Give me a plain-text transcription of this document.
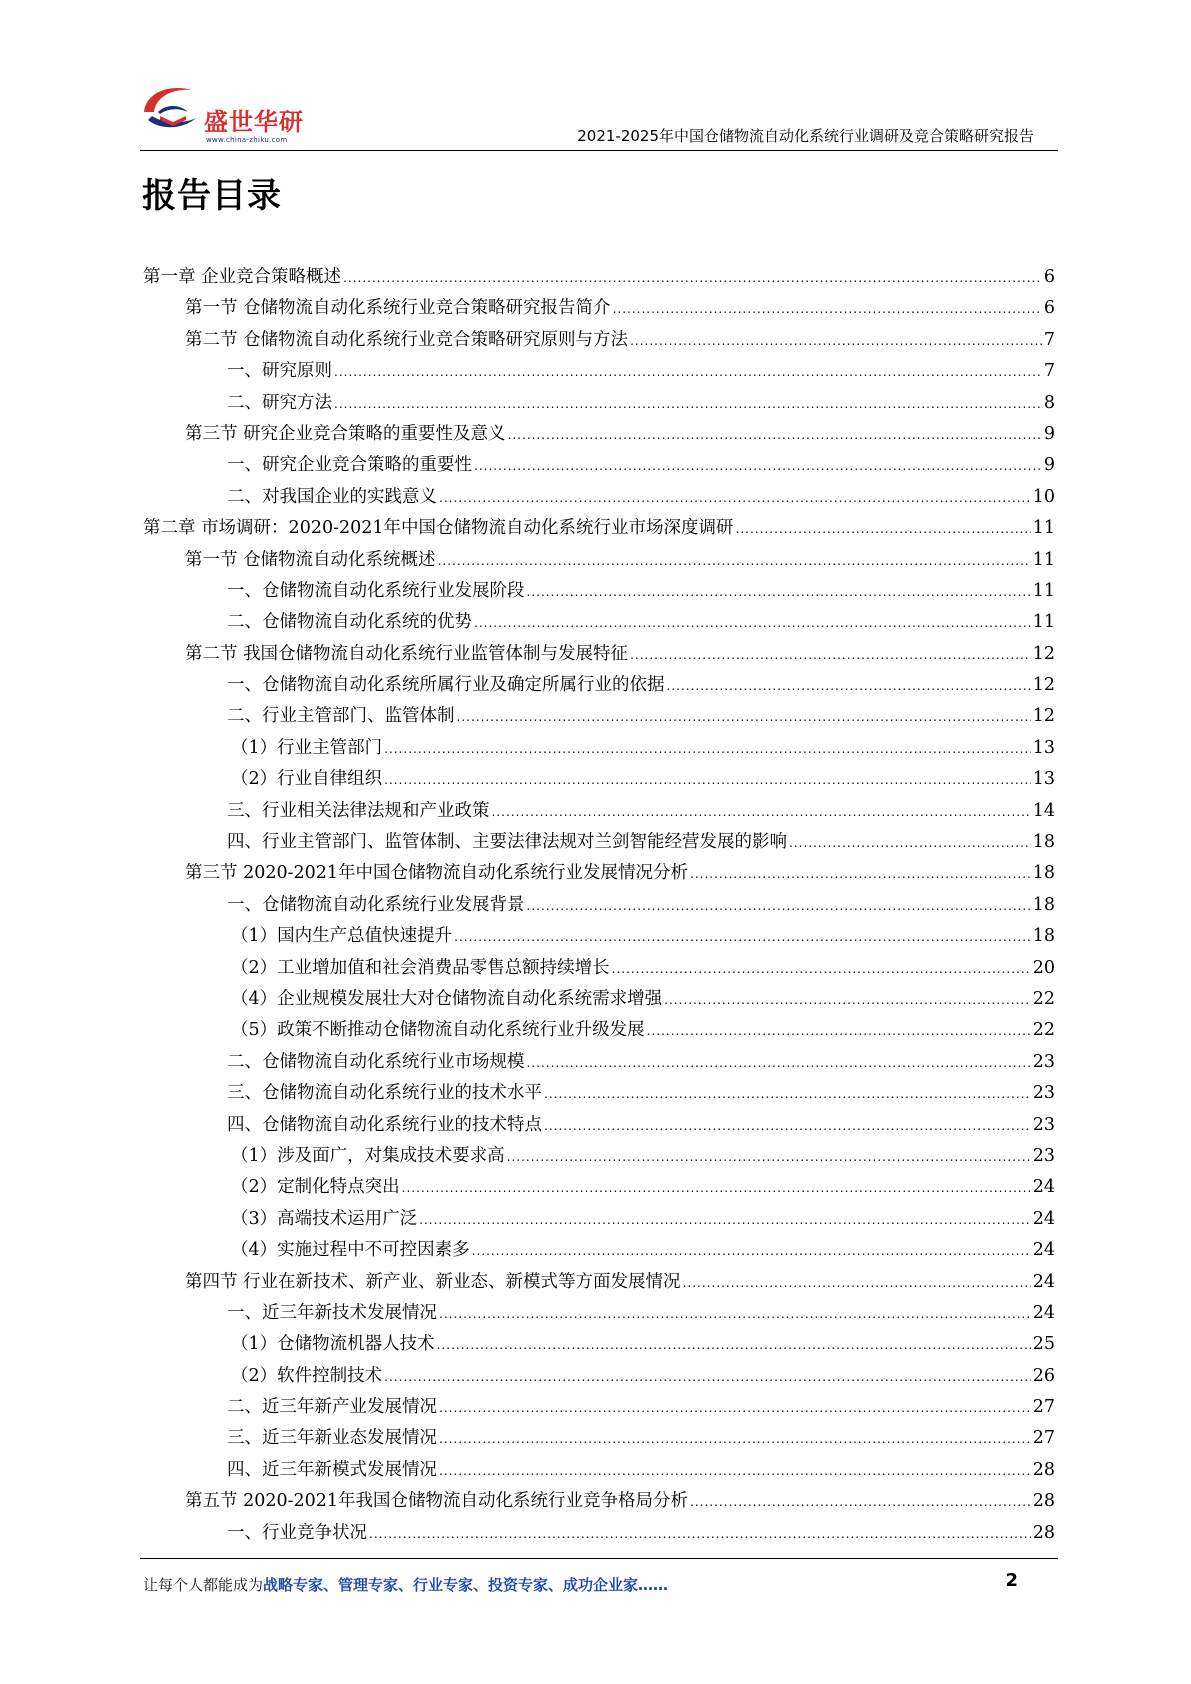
盛世华研
www.china-zhiku.com	2021-2025年中国仓储物流自动化系统行业调研及竞合策略研究报告
报告目录
第一章 企业竞合策略概述 .....	6
第一节 仓储物流自动化系统行业竞合策略研究报告简介 .....	6
第二节 仓储物流自动化系统行业竞合策略研究原则与方法 .....	7
一、研究原则 .....	7
二、研究方法 .....	8
第三节 研究企业竞合策略的重要性及意义 .....	9
一、研究企业竞合策略的重要性 .....	9
二、对我国企业的实践意义 .....	10
第二章 市场调研：2020-2021年中国仓储物流自动化系统行业市场深度调研 .....	11
第一节 仓储物流自动化系统概述 .....	11
一、仓储物流自动化系统行业发展阶段 .....	11
二、仓储物流自动化系统的优势 .....	11
第二节 我国仓储物流自动化系统行业监管体制与发展特征 .....	12
一、仓储物流自动化系统所属行业及确定所属行业的依据 .....	12
二、行业主管部门、监管体制 .....	12
（1）行业主管部门 .....	13
（2）行业自律组织 .....	13
三、行业相关法律法规和产业政策 .....	14
四、行业主管部门、监管体制、主要法律法规对兰剑智能经营发展的影响 .....	18
第三节 2020-2021年中国仓储物流自动化系统行业发展情况分析 .....	18
一、仓储物流自动化系统行业发展背景 .....	18
（1）国内生产总值快速提升 .....	18
（2）工业增加值和社会消费品零售总额持续增长 .....	20
（4）企业规模发展壮大对仓储物流自动化系统需求增强 .....	22
（5）政策不断推动仓储物流自动化系统行业升级发展 .....	22
二、仓储物流自动化系统行业市场规模 .....	23
三、仓储物流自动化系统行业的技术水平 .....	23
四、仓储物流自动化系统行业的技术特点 .....	23
（1）涉及面广，对集成技术要求高 .....	23
（2）定制化特点突出 .....	24
（3）高端技术运用广泛 .....	24
（4）实施过程中不可控因素多 .....	24
第四节 行业在新技术、新产业、新业态、新模式等方面发展情况 .....	24
一、近三年新技术发展情况 .....	24
（1）仓储物流机器人技术 .....	25
（2）软件控制技术 .....	26
二、近三年新产业发展情况 .....	27
三、近三年新业态发展情况 .....	27
四、近三年新模式发展情况 .....	28
第五节 2020-2021年我国仓储物流自动化系统行业竞争格局分析 .....	28
一、行业竞争状况 .....	28
让每个人都能成为战略专家、管理专家、行业专家、投资专家、成功企业家……	2
